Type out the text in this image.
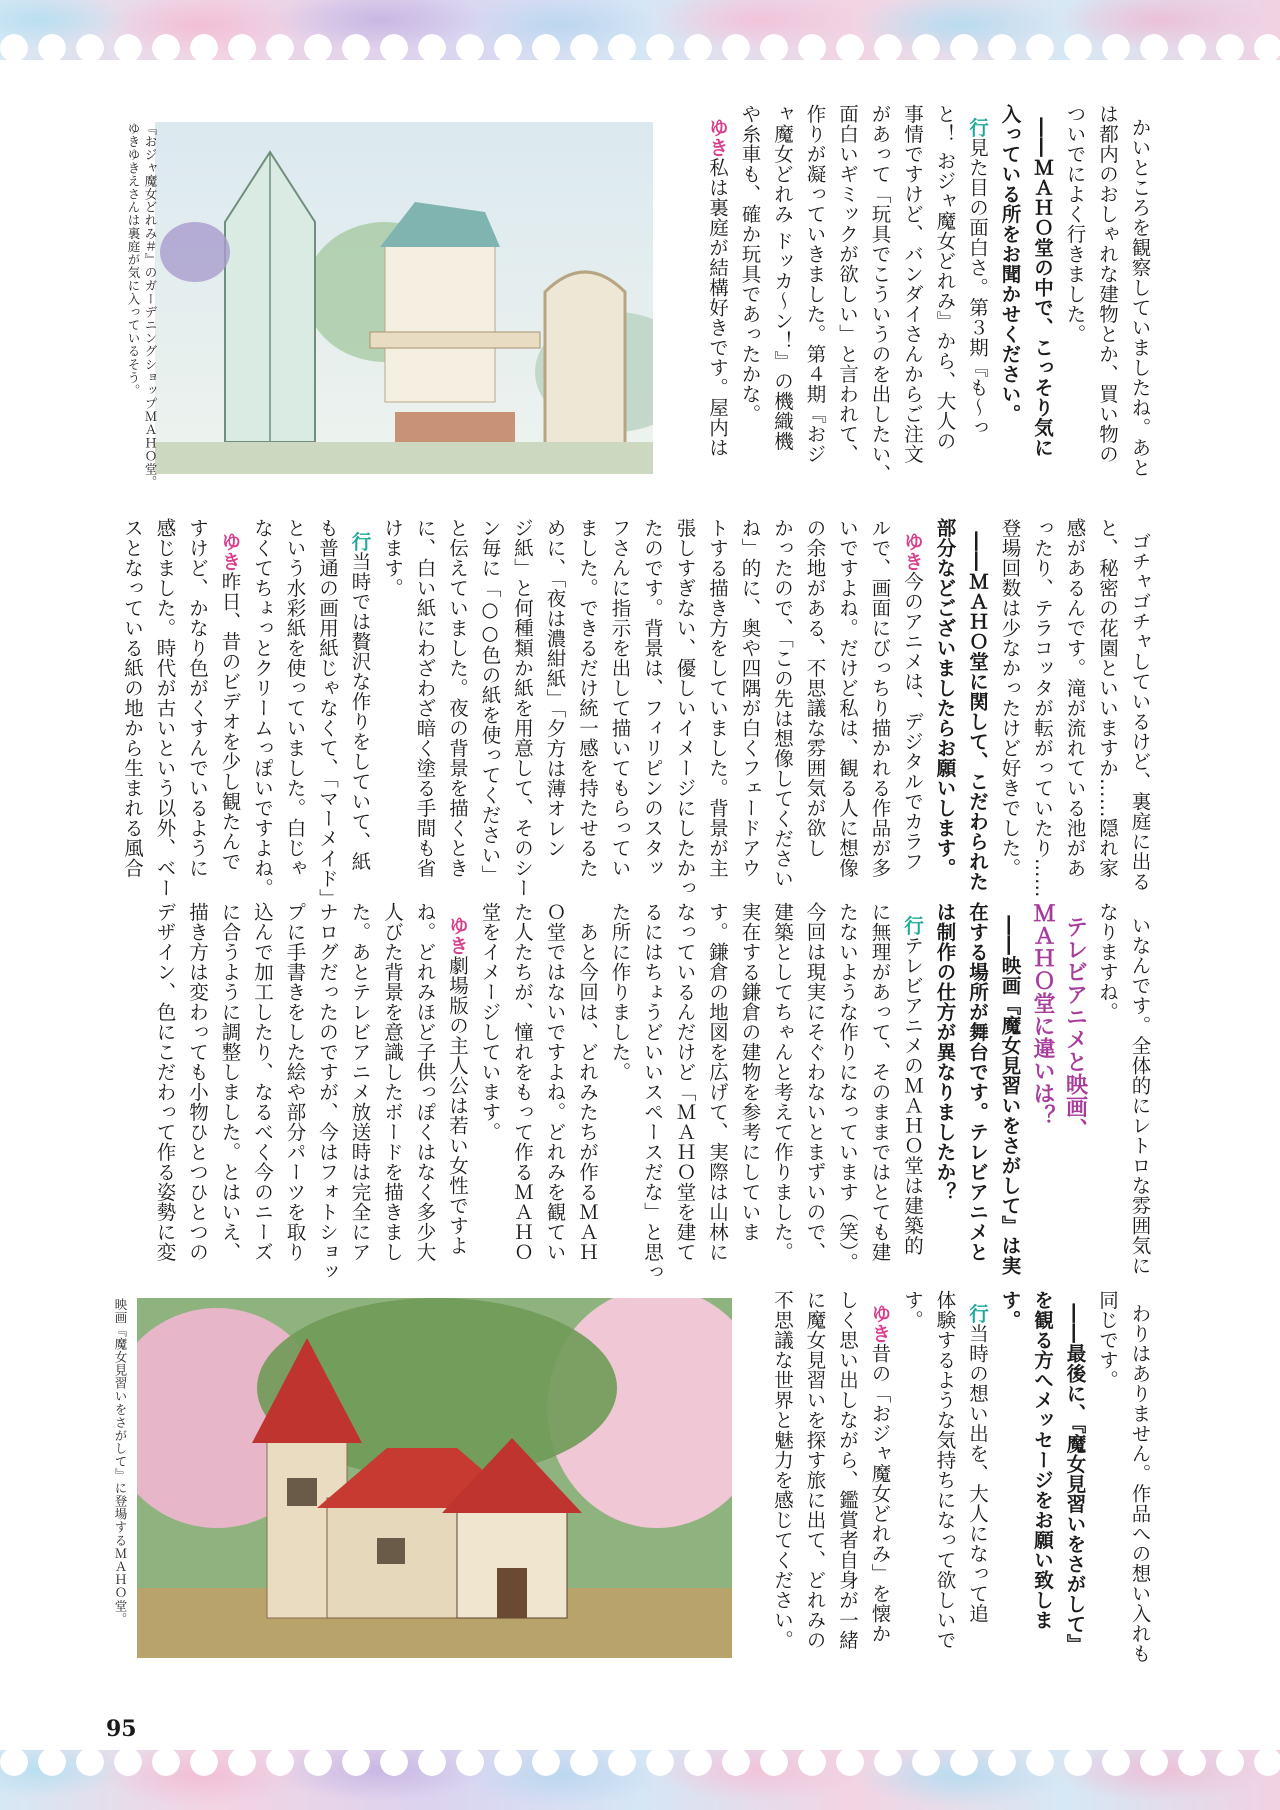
かいところを観察していましたね。あと
は都内のおしゃれな建物とか、買い物の
ついでによく行きました。
――ＭＡＨＯ堂の中で、こっそり気に
入っている所をお聞かせください。
行見た目の面白さ。第３期『も～っ
と！ おジャ魔女どれみ』から、大人の
事情ですけど、バンダイさんからご注文
があって「玩具でこういうのを出したい、
面白いギミックが欲しい」と言われて、
作りが凝っていきました。第４期『おジ
ャ魔女どれみ ドッカ～ン！』の機織機
や糸車も、確か玩具であったかな。
ゆき私は裏庭が結構好きです。屋内は

『おジャ魔女どれみ＃』のガーデニングショップＭＡＨＯ堂。
ゆきゆきえさんは裏庭が気に入っているそう。

ゴチャゴチャしているけど、裏庭に出る
と、秘密の花園といいますか……隠れ家
感があるんです。滝が流れている池があ
ったり、テラコッタが転がっていたり……
登場回数は少なかったけど好きでした。
――ＭＡＨＯ堂に関して、こだわられた
部分などございましたらお願いします。
ゆき今のアニメは、デジタルでカラフ
ルで、画面にびっちり描かれる作品が多
いですよね。だけど私は、観る人に想像
の余地がある、不思議な雰囲気が欲し
かったので、「この先は想像してください
ね」的に、奥や四隅が白くフェードアウ
トする描き方をしていました。背景が主
張しすぎない、優しいイメージにしたかっ
たのです。背景は、フィリピンのスタッ
フさんに指示を出して描いてもらってい
ました。できるだけ統一感を持たせるた
めに、「夜は濃紺紙」「夕方は薄オレン
ジ紙」と何種類か紙を用意して、そのシー
ン毎に「○○色の紙を使ってください」
と伝えていました。夜の背景を描くとき
に、白い紙にわざわざ暗く塗る手間も省
けます。
行当時では贅沢な作りをしていて、紙
も普通の画用紙じゃなくて、「マーメイド」
という水彩紙を使っていました。白じゃ
なくてちょっとクリームっぽいですよね。
ゆき昨日、昔のビデオを少し観たんで
すけど、かなり色がくすんでいるように
感じました。時代が古いという以外、ベー
スとなっている紙の地から生まれる風合

いなんです。全体的にレトロな雰囲気に
なりますね。
テレビアニメと映画、
ＭＡＨＯ堂に違いは？
――映画『魔女見習いをさがして』は実
在する場所が舞台です。テレビアニメと
は制作の仕方が異なりましたか？
行テレビアニメのＭＡＨＯ堂は建築的
に無理があって、そのままではとても建
たないような作りになっています（笑）。
今回は現実にそぐわないとまずいので、
建築としてちゃんと考えて作りました。
実在する鎌倉の建物を参考にしていま
す。鎌倉の地図を広げて、実際は山林に
なっているんだけど「ＭＡＨＯ堂を建て
るにはちょうどいいスペースだな」と思っ
た所に作りました。
　あと今回は、どれみたちが作るＭＡＨ
Ｏ堂ではないですよね。どれみを観てい
た人たちが、憧れをもって作るＭＡＨＯ
堂をイメージしています。
ゆき劇場版の主人公は若い女性ですよ
ね。どれみほど子供っぽくはなく多少大
人びた背景を意識したボードを描きまし
た。あとテレビアニメ放送時は完全にア
ナログだったのですが、今はフォトショッ
プに手書きをした絵や部分パーツを取り
込んで加工したり、なるべく今のニーズ
に合うように調整しました。とはいえ、
描き方は変わっても小物ひとつひとつの
デザイン、色にこだわって作る姿勢に変

わりはありません。作品への想い入れも
同じです。
――最後に、『魔女見習いをさがして』
を観る方へメッセージをお願い致しま
す。
行当時の想い出を、大人になって追
体験するような気持ちになって欲しいで
す。
ゆき昔の「おジャ魔女どれみ」を懐か
しく思い出しながら、鑑賞者自身が一緒
に魔女見習いを探す旅に出て、どれみの
不思議な世界と魅力を感じてください。

映画『魔女見習いをさがして』に登場するＭＡＨＯ堂。
95
